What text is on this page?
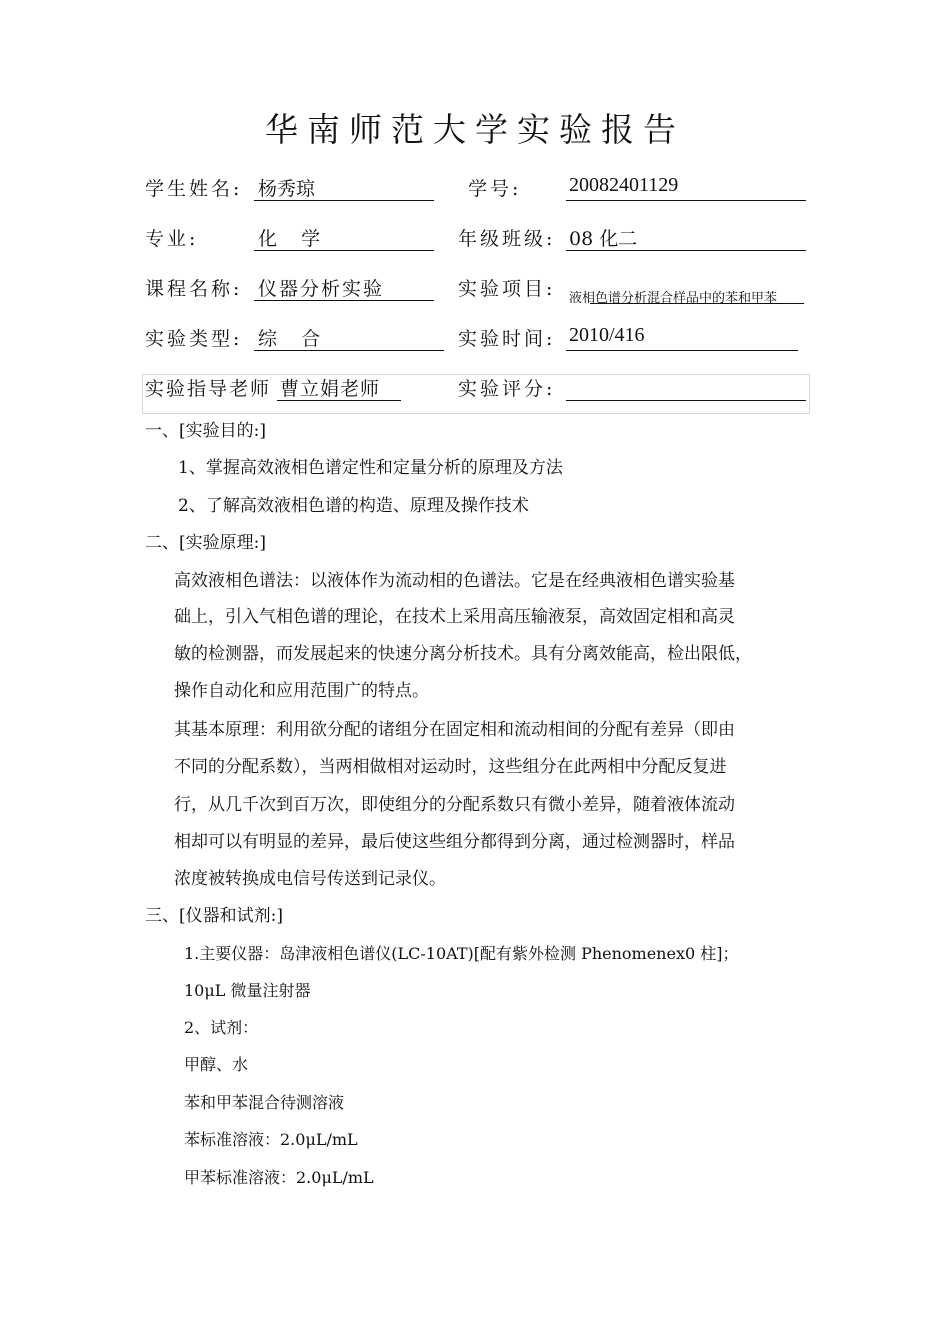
华南师范大学实验报告
学生姓名: 杨秀琼	学号: 20082401129
专业:	化    学	年级班级: 08 化二
课程名称: 仪器分析实验	实验项目: 液相色谱分析混合样品中的苯和甲苯
实验类型: 综    合	实验时间: 2010/416
实验指导老师 曹立娟老师	实验评分:
一、[实验目的:]
1、掌握高效液相色谱定性和定量分析的原理及方法
2、了解高效液相色谱的构造、原理及操作技术
二、[实验原理:]
高效液相色谱法：以液体作为流动相的色谱法。它是在经典液相色谱实验基
础上，引入气相色谱的理论，在技术上采用高压输液泵，高效固定相和高灵
敏的检测器，而发展起来的快速分离分析技术。具有分离效能高，检出限低，
操作自动化和应用范围广的特点。
其基本原理：利用欲分配的诸组分在固定相和流动相间的分配有差异（即由
不同的分配系数），当两相做相对运动时，这些组分在此两相中分配反复进
行，从几千次到百万次，即使组分的分配系数只有微小差异，随着液体流动
相却可以有明显的差异，最后使这些组分都得到分离，通过检测器时，样品
浓度被转换成电信号传送到记录仪。
三、[仪器和试剂:]
1.主要仪器：岛津液相色谱仪(LC-10AT)[配有紫外检测 Phenomenex0 柱]；
10μL 微量注射器
2、试剂：
甲醇、水
苯和甲苯混合待测溶液
苯标准溶液：2.0μL/mL
甲苯标准溶液：2.0μL/mL
